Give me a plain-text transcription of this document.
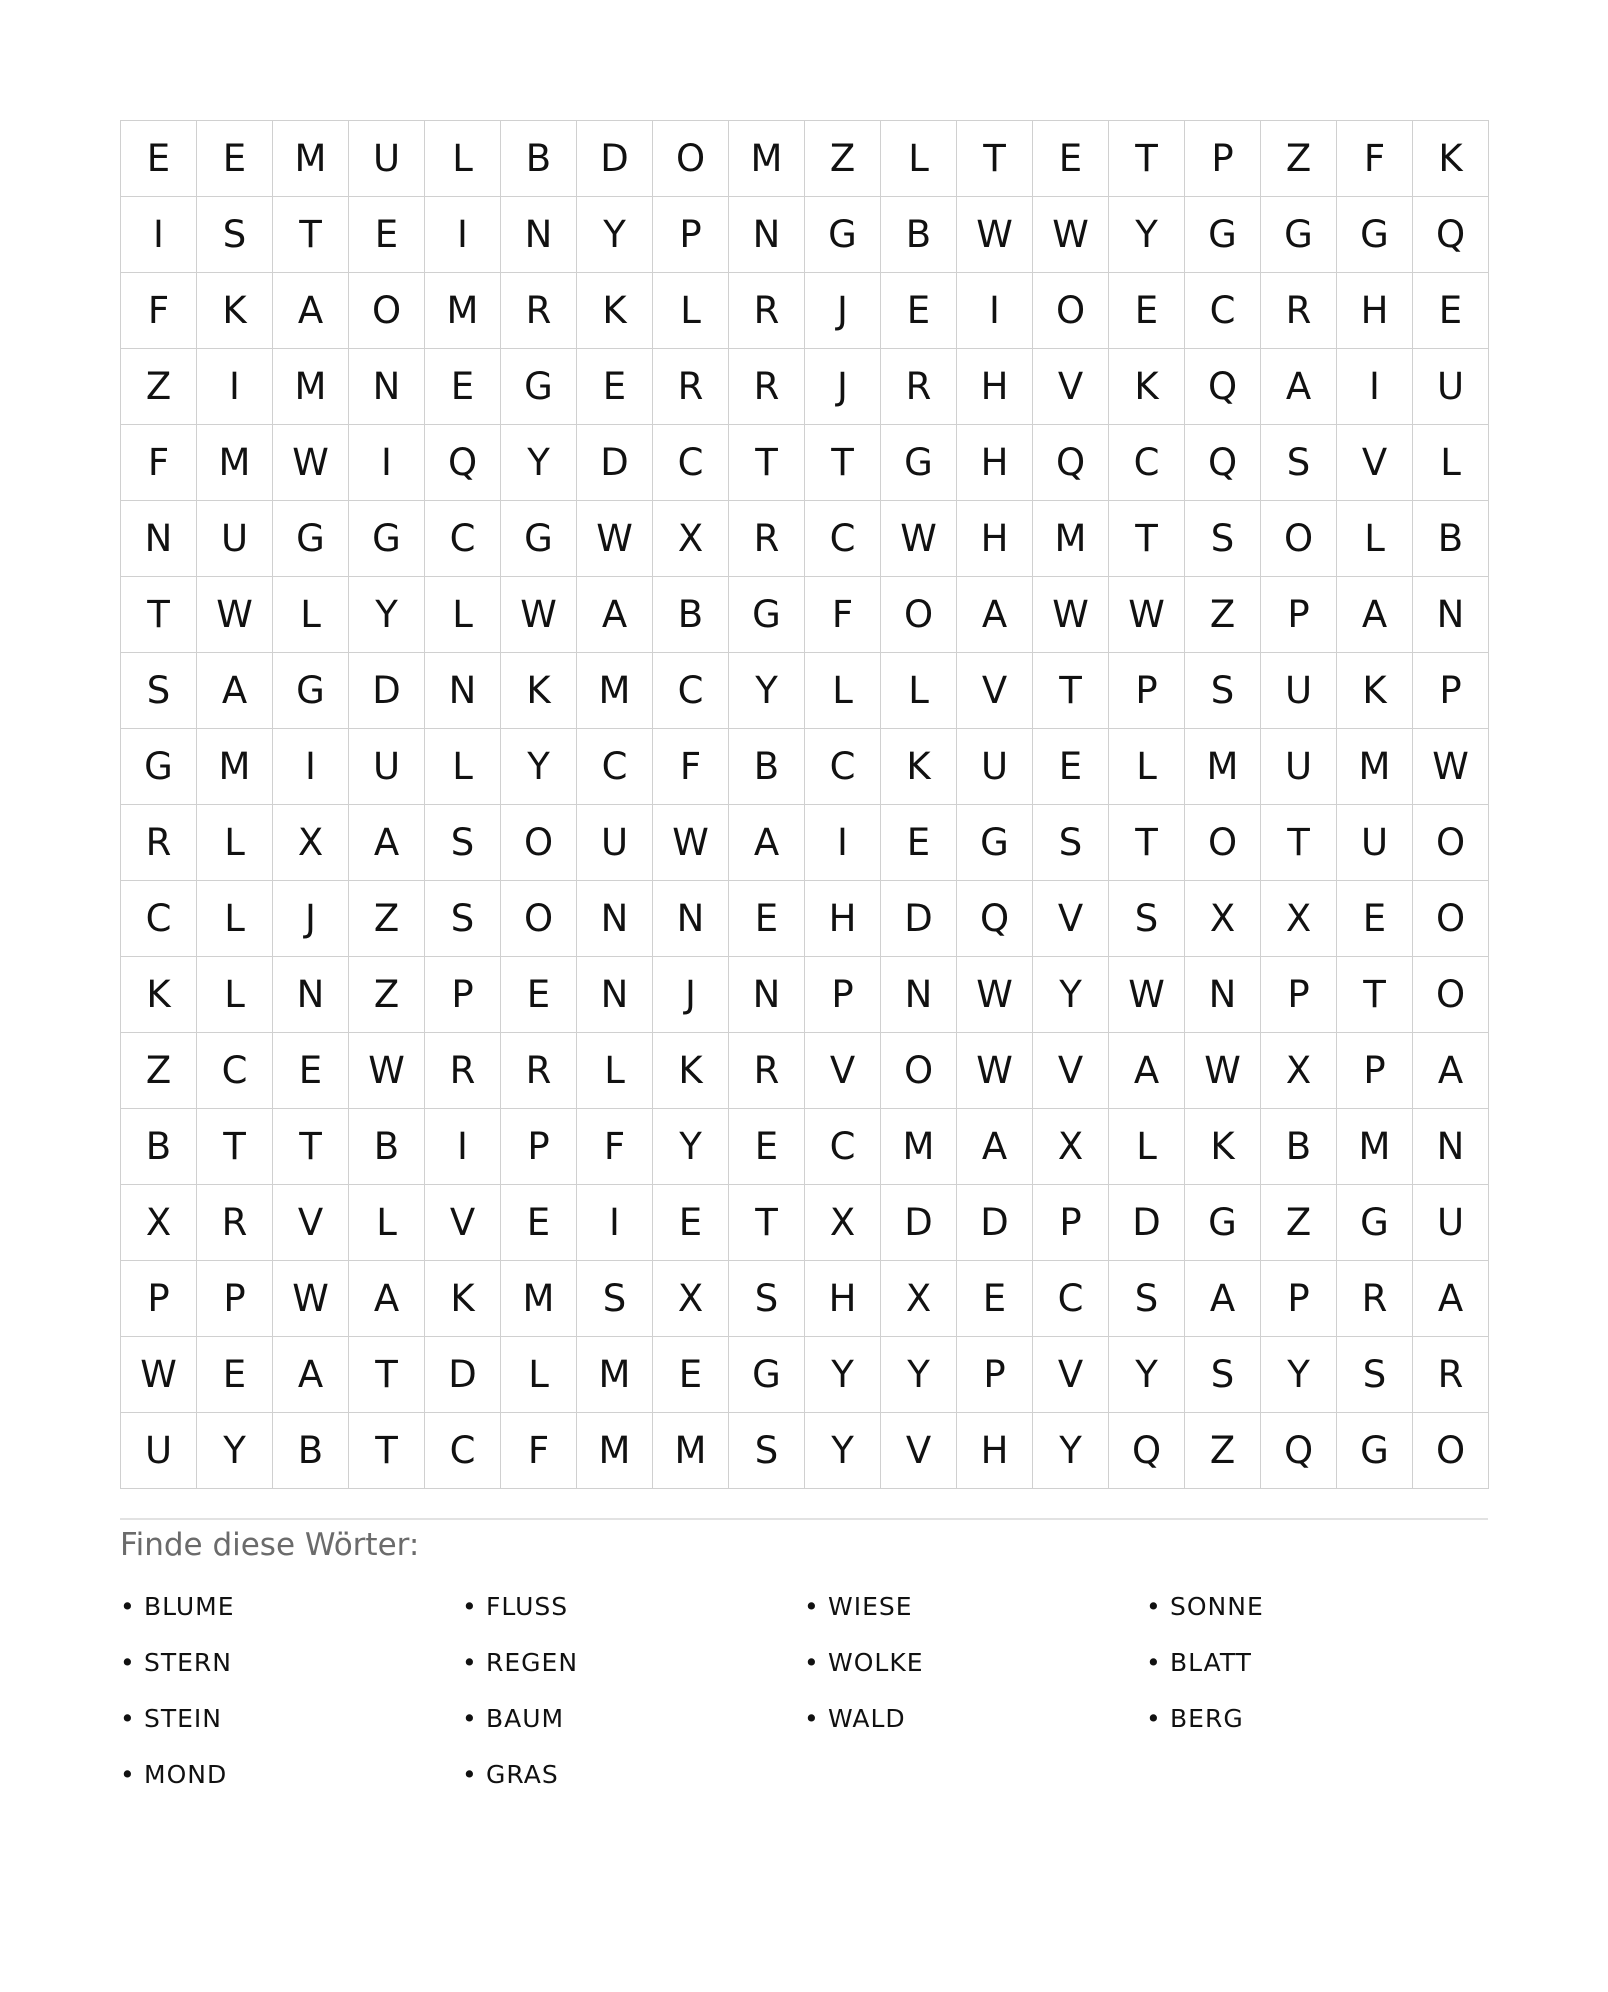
E	E	M	U	L	B	D	O	M	Z	L	T	E	T	P	Z	F	K
I	S	T	E	I	N	Y	P	N	G	B	W	W	Y	G	G	G	Q
F	K	A	O	M	R	K	L	R	J	E	I	O	E	C	R	H	E
Z	I	M	N	E	G	E	R	R	J	R	H	V	K	Q	A	I	U
F	M	W	I	Q	Y	D	C	T	T	G	H	Q	C	Q	S	V	L
N	U	G	G	C	G	W	X	R	C	W	H	M	T	S	O	L	B
T	W	L	Y	L	W	A	B	G	F	O	A	W	W	Z	P	A	N
S	A	G	D	N	K	M	C	Y	L	L	V	T	P	S	U	K	P
G	M	I	U	L	Y	C	F	B	C	K	U	E	L	M	U	M	W
R	L	X	A	S	O	U	W	A	I	E	G	S	T	O	T	U	O
C	L	J	Z	S	O	N	N	E	H	D	Q	V	S	X	X	E	O
K	L	N	Z	P	E	N	J	N	P	N	W	Y	W	N	P	T	O
Z	C	E	W	R	R	L	K	R	V	O	W	V	A	W	X	P	A
B	T	T	B	I	P	F	Y	E	C	M	A	X	L	K	B	M	N
X	R	V	L	V	E	I	E	T	X	D	D	P	D	G	Z	G	U
P	P	W	A	K	M	S	X	S	H	X	E	C	S	A	P	R	A
W	E	A	T	D	L	M	E	G	Y	Y	P	V	Y	S	Y	S	R
U	Y	B	T	C	F	M	M	S	Y	V	H	Y	Q	Z	Q	G	O
Finde diese Wörter:
• BLUME	• FLUSS	• WIESE	• SONNE
• STERN	• REGEN	• WOLKE	• BLATT
• STEIN	• BAUM	• WALD	• BERG
• MOND	• GRAS
